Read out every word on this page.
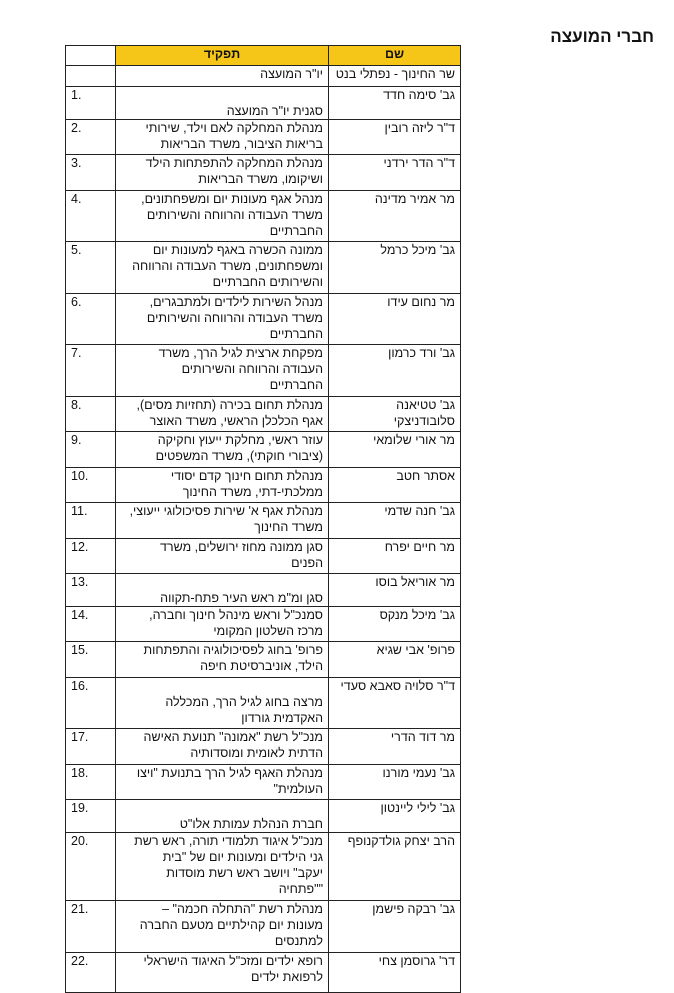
חברי המועצה
שם	תפקיד	
שר החינוך - נפתלי בנט	יו"ר המועצה	

גב' סימה חדד	סגנית יו"ר המועצה	1.
ד"ר ליזה רובין	מנהלת המחלקה לאם וילד, שירותי
בריאות הציבור, משרד הבריאות	2.
ד"ר הדר ירדני	מנהלת המחלקה להתפתחות הילד
ושיקומו, משרד הבריאות	3.
מר אמיר מדינה	מנהל אגף מעונות יום ומשפחתונים,
משרד העבודה והרווחה והשירותים
החברתיים	4.
גב' מיכל כרמל	ממונה הכשרה באגף למעונות יום
ומשפחתונים, משרד העבודה והרווחה
והשירותים החברתיים	5.
מר נחום עידו	מנהל השירות לילדים ולמתבגרים,
משרד העבודה והרווחה והשירותים
החברתיים	6.
גב' ורד כרמון	מפקחת ארצית לגיל הרך, משרד
העבודה והרווחה והשירותים
החברתיים	7.
גב' טטיאנה סלובודניצקי	מנהלת תחום בכירה (תחזיות מסים),
אגף הכלכלן הראשי, משרד האוצר	8.
מר אורי שלומאי	עוזר ראשי, מחלקת ייעוץ וחקיקה
(ציבורי חוקתי), משרד המשפטים	9.
אסתר חטב	מנהלת תחום חינוך קדם יסודי
ממלכתי-דתי, משרד החינוך	10.
גב' חנה שדמי	מנהלת אגף א' שירות פסיכולוגי ייעוצי,
משרד החינוך	11.
מר חיים יפרח	סגן ממונה מחוז ירושלים, משרד
הפנים	12.
מר אוריאל בוסו	סגן ומ"מ ראש העיר פתח-תקווה	13.
גב' מיכל מנקס	סמנכ"ל וראש מינהל חינוך וחברה,
מרכז השלטון המקומי	14.
פרופ' אבי שגיא	פרופ' בחוג לפסיכולוגיה והתפתחות
הילד, אוניברסיטת חיפה	15.
ד"ר סלויה סאבא סעדי	מרצה בחוג לגיל הרך, המכללה
האקדמית גורדון	16.
מר דוד הדרי	מנכ"ל רשת "אמונה" תנועת האישה
הדתית לאומית ומוסדותיה	17.
גב' נעמי מורנו	מנהלת האגף לגיל הרך בתנועת "ויצו
העולמית"	18.
גב' לילי ליינטון	חברת הנהלת עמותת אלו"ט	19.
הרב יצחק גולדקנופף	מנכ"ל איגוד תלמודי תורה, ראש רשת
גני הילדים ומעונות יום של "בית
יעקב" ויושב ראש רשת מוסדות
""פתחיה	20.
גב' רבקה פישמן	מנהלת רשת "התחלה חכמה" –
מעונות יום קהילתיים מטעם החברה
למתנסים	21.
דר' גרוסמן צחי	רופא ילדים ומזכ"ל האיגוד הישראלי
לרפואת ילדים	22.
